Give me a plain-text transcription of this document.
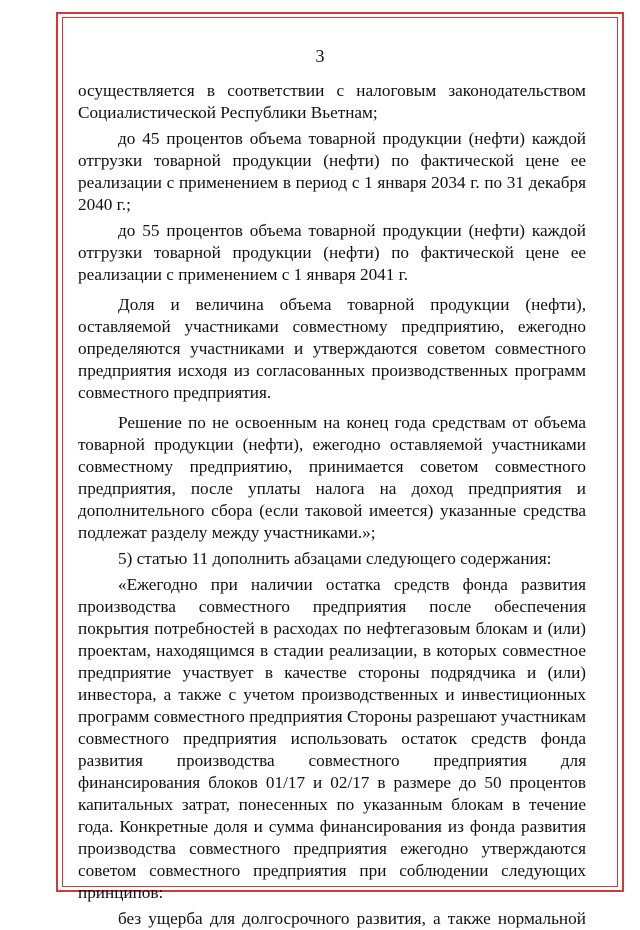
3
осуществляется в соответствии с налоговым законодательством

Социалистической Республики Вьетнам;

до 45 процентов объема товарной продукции (нефти) каждой отгрузки товарной продукции (нефти) по фактической цене ее реализации с применением в период с 1 января 2034 г. по 31 декабря 2040 г.;

до 55 процентов объема товарной продукции (нефти) каждой отгрузки товарной продукции (нефти) по фактической цене ее реализации с применением с 1 января 2041 г.

Доля и величина объема товарной продукции (нефти), оставляемой участниками совместному предприятию, ежегодно определяются участниками и утверждаются советом совместного предприятия исходя из согласованных производственных программ совместного предприятия.

Решение по не освоенным на конец года средствам от объема товарной продукции (нефти), ежегодно оставляемой участниками совместному предприятию, принимается советом совместного предприятия, после уплаты налога на доход предприятия и дополнительного сбора (если таковой имеется) указанные средства подлежат разделу между участниками.»;

5) статью 11 дополнить абзацами следующего содержания:

«Ежегодно при наличии остатка средств фонда развития производства совместного предприятия после обеспечения покрытия потребностей в расходах по нефтегазовым блокам и (или) проектам, находящимся в стадии реализации, в которых совместное предприятие участвует в качестве стороны подрядчика и (или) инвестора, а также с учетом производственных и инвестиционных программ совместного предприятия Стороны разрешают участникам совместного предприятия использовать остаток средств фонда развития производства совместного предприятия для финансирования блоков 01/17 и 02/17 в размере до 50 процентов капитальных затрат, понесенных по указанным блокам в течение года. Конкретные доля и сумма финансирования из фонда развития производства совместного предприятия ежегодно утверждаются советом совместного предприятия при соблюдении следующих принципов:

без ущерба для долгосрочного развития, а также нормальной
